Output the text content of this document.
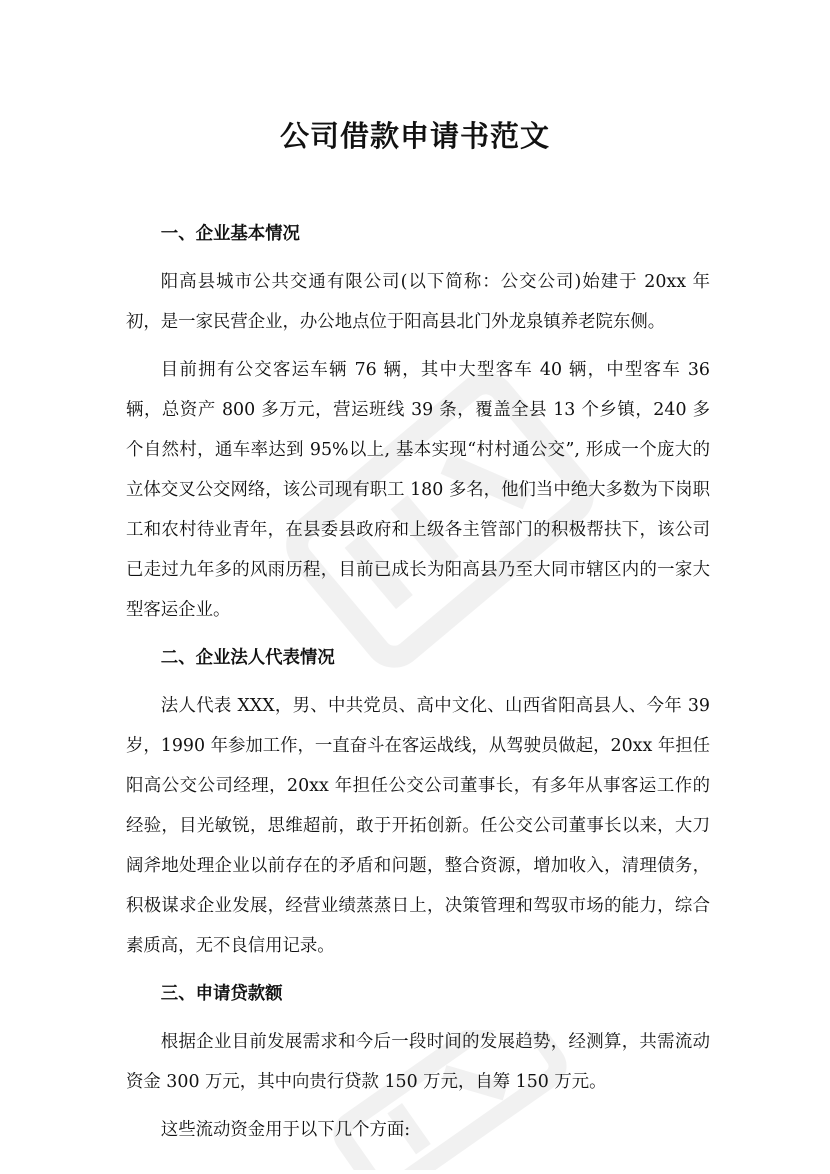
公司借款申请书范文

一、企业基本情况

阳高县城市公共交通有限公司(以下简称：公交公司)始建于 20xx 年初，是一家民营企业，办公地点位于阳高县北门外龙泉镇养老院东侧。

目前拥有公交客运车辆 76 辆，其中大型客车 40 辆，中型客车 36 辆，总资产 800 多万元，营运班线 39 条，覆盖全县 13 个乡镇，240 多个自然村，通车率达到 95%以上, 基本实现“村村通公交”, 形成一个庞大的立体交叉公交网络，该公司现有职工 180 多名，他们当中绝大多数为下岗职工和农村待业青年，在县委县政府和上级各主管部门的积极帮扶下，该公司已走过九年多的风雨历程，目前已成长为阳高县乃至大同市辖区内的一家大型客运企业。

二、企业法人代表情况

法人代表 XXX，男、中共党员、高中文化、山西省阳高县人、今年 39 岁，1990 年参加工作，一直奋斗在客运战线，从驾驶员做起，20xx 年担任阳高公交公司经理，20xx 年担任公交公司董事长，有多年从事客运工作的经验，目光敏锐，思维超前，敢于开拓创新。任公交公司董事长以来，大刀阔斧地处理企业以前存在的矛盾和问题，整合资源，增加收入，清理债务，积极谋求企业发展，经营业绩蒸蒸日上，决策管理和驾驭市场的能力，综合素质高，无不良信用记录。

三、申请贷款额

根据企业目前发展需求和今后一段时间的发展趋势，经测算，共需流动资金 300 万元，其中向贵行贷款 150 万元，自筹 150 万元。

这些流动资金用于以下几个方面:
